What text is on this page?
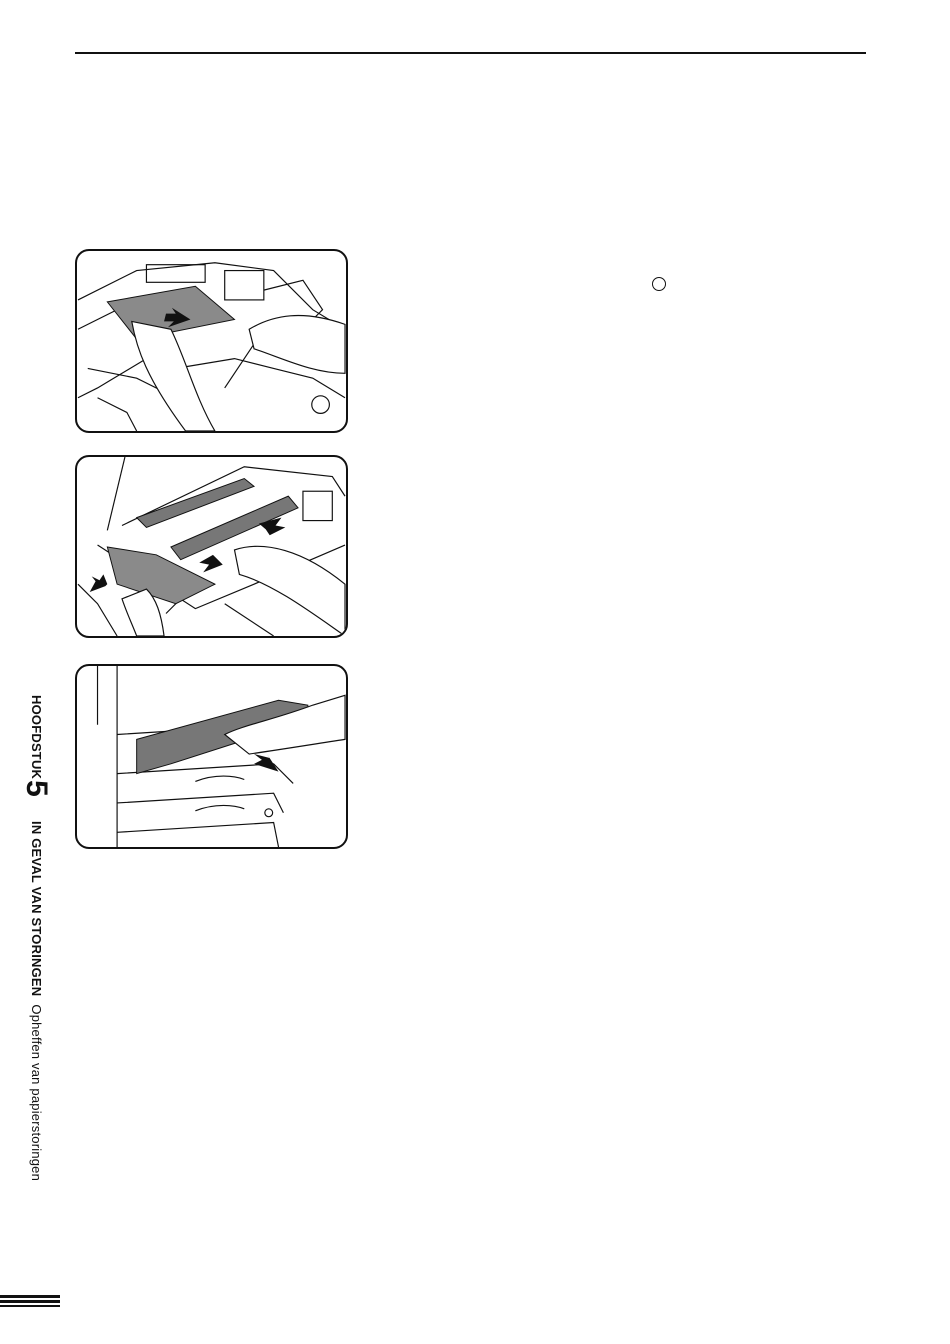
HOOFDSTUK
5
IN GEVAL VAN STORINGEN
Opheffen van papierstoringen
